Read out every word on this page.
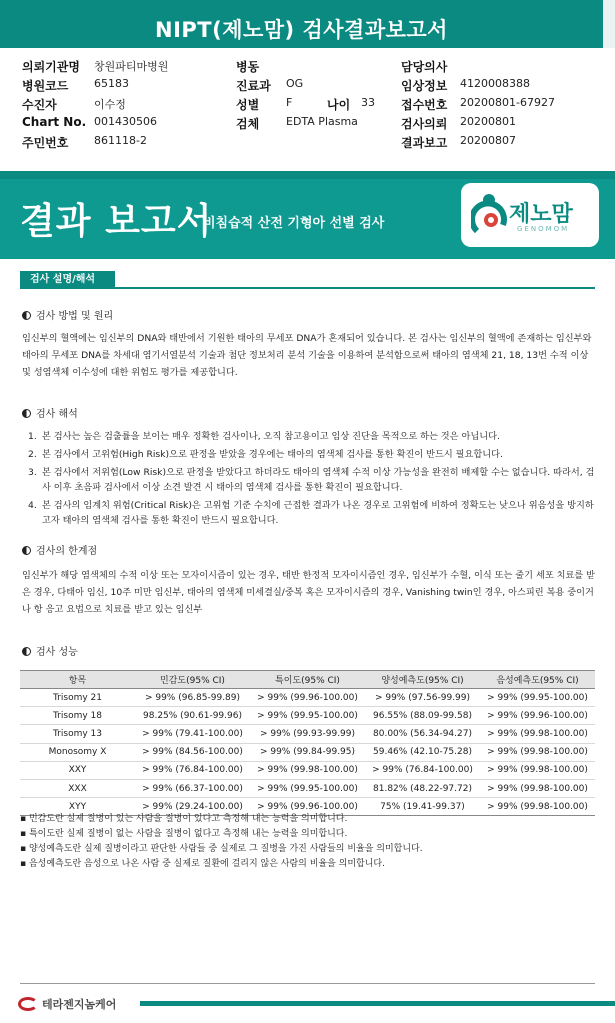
NIPT(제노맘) 검사결과보고서
의뢰기관명 창원파티마병원	병동	담당의사
병원코드 65183	진료과 OG	임상정보 4120008388
수진자	이수정	성별 F	나이 33 접수번호 20200801-67927
Chart No. 001430506	검체 EDTA Plasma	검사의뢰 20200801
주민번호 861118-2	결과보고 20200807
결과 보고서
비침습적 산전 기형아 선별 검사	제노맘
GENOMOM
검사 설명/해석
검사 방법 및 원리
임신부의 혈액에는 임신부의 DNA와 태반에서 기원한 태아의 무세포 DNA가 혼재되어 있습니다. 본 검사는 임신부의 혈액에 존재하는 임신부와 태아의 무세포 DNA를 차세대 염기서열분석 기술과 첨단 정보처리 분석 기술을 이용하여 분석함으로써 태아의 염색체 21, 18, 13번 수적 이상 및 성염색체 이수성에 대한 위험도 평가를 제공합니다.
검사 해석
1. 본 검사는 높은 검출률을 보이는 매우 정확한 검사이나, 오직 참고용이고 임상 진단을 목적으로 하는 것은 아닙니다.
2. 본 검사에서 고위험(High Risk)으로 판정을 받았을 경우에는 태아의 염색체 검사를 통한 확진이 반드시 필요합니다.
3. 본 검사에서 저위험(Low Risk)으로 판정을 받았다고 하더라도 태아의 염색체 수적 이상 가능성을 완전히 배제할 수는 없습니다. 따라서, 검사 이후 초음파 검사에서 이상 소견 발견 시 태아의 염색체 검사를 통한 확진이 필요합니다.
4. 본 검사의 임계치 위험(Critical Risk)은 고위험 기준 수치에 근접한 결과가 나온 경우로 고위험에 비하여 정확도는 낮으나 위음성을 방지하고자 태아의 염색체 검사를 통한 확진이 반드시 필요합니다.
검사의 한계점
임신부가 해당 염색체의 수적 이상 또는 모자이시즘이 있는 경우, 태반 한정적 모자이시즘인 경우, 임신부가 수혈, 이식 또는 줄기 세포 치료를 받은 경우, 다태아 임신, 10주 미만 임신부, 태아의 염색체 미세결실/중복 혹은 모자이시즘의 경우, Vanishing twin인 경우, 아스피린 복용 중이거나 항 응고 요법으로 치료를 받고 있는 임신부
검사 성능
항목	민감도(95% CI)	특이도(95% CI)	양성예측도(95% CI)	음성예측도(95% CI)
Trisomy 21	> 99% (96.85-99.89)	> 99% (99.96-100.00)	> 99% (97.56-99.99)	> 99% (99.95-100.00)
Trisomy 18	98.25% (90.61-99.96)	> 99% (99.95-100.00)	96.55% (88.09-99.58)	> 99% (99.96-100.00)
Trisomy 13	> 99% (79.41-100.00)	> 99% (99.93-99.99)	80.00% (56.34-94.27)	> 99% (99.98-100.00)
Monosomy X	> 99% (84.56-100.00)	> 99% (99.84-99.95)	59.46% (42.10-75.28)	> 99% (99.98-100.00)
XXY	> 99% (76.84-100.00)	> 99% (99.98-100.00)	> 99% (76.84-100.00)	> 99% (99.98-100.00)
XXX	> 99% (66.37-100.00)	> 99% (99.95-100.00)	81.82% (48.22-97.72)	> 99% (99.98-100.00)
XYY	> 99% (29.24-100.00)	> 99% (99.96-100.00)	75% (19.41-99.37)	> 99% (99.98-100.00)
▪ 민감도란 실제 질병이 있는 사람을 질병이 있다고 측정해 내는 능력을 의미합니다.
▪ 특이도란 실제 질병이 없는 사람을 질병이 없다고 측정해 내는 능력을 의미합니다.
▪ 양성예측도란 실제 질병이라고 판단한 사람들 중 실제로 그 질병을 가진 사람들의 비율을 의미합니다.
▪ 음성예측도란 음성으로 나온 사람 중 실제로 질환에 걸리지 않은 사람의 비율을 의미합니다.
테라젠지놈케어
